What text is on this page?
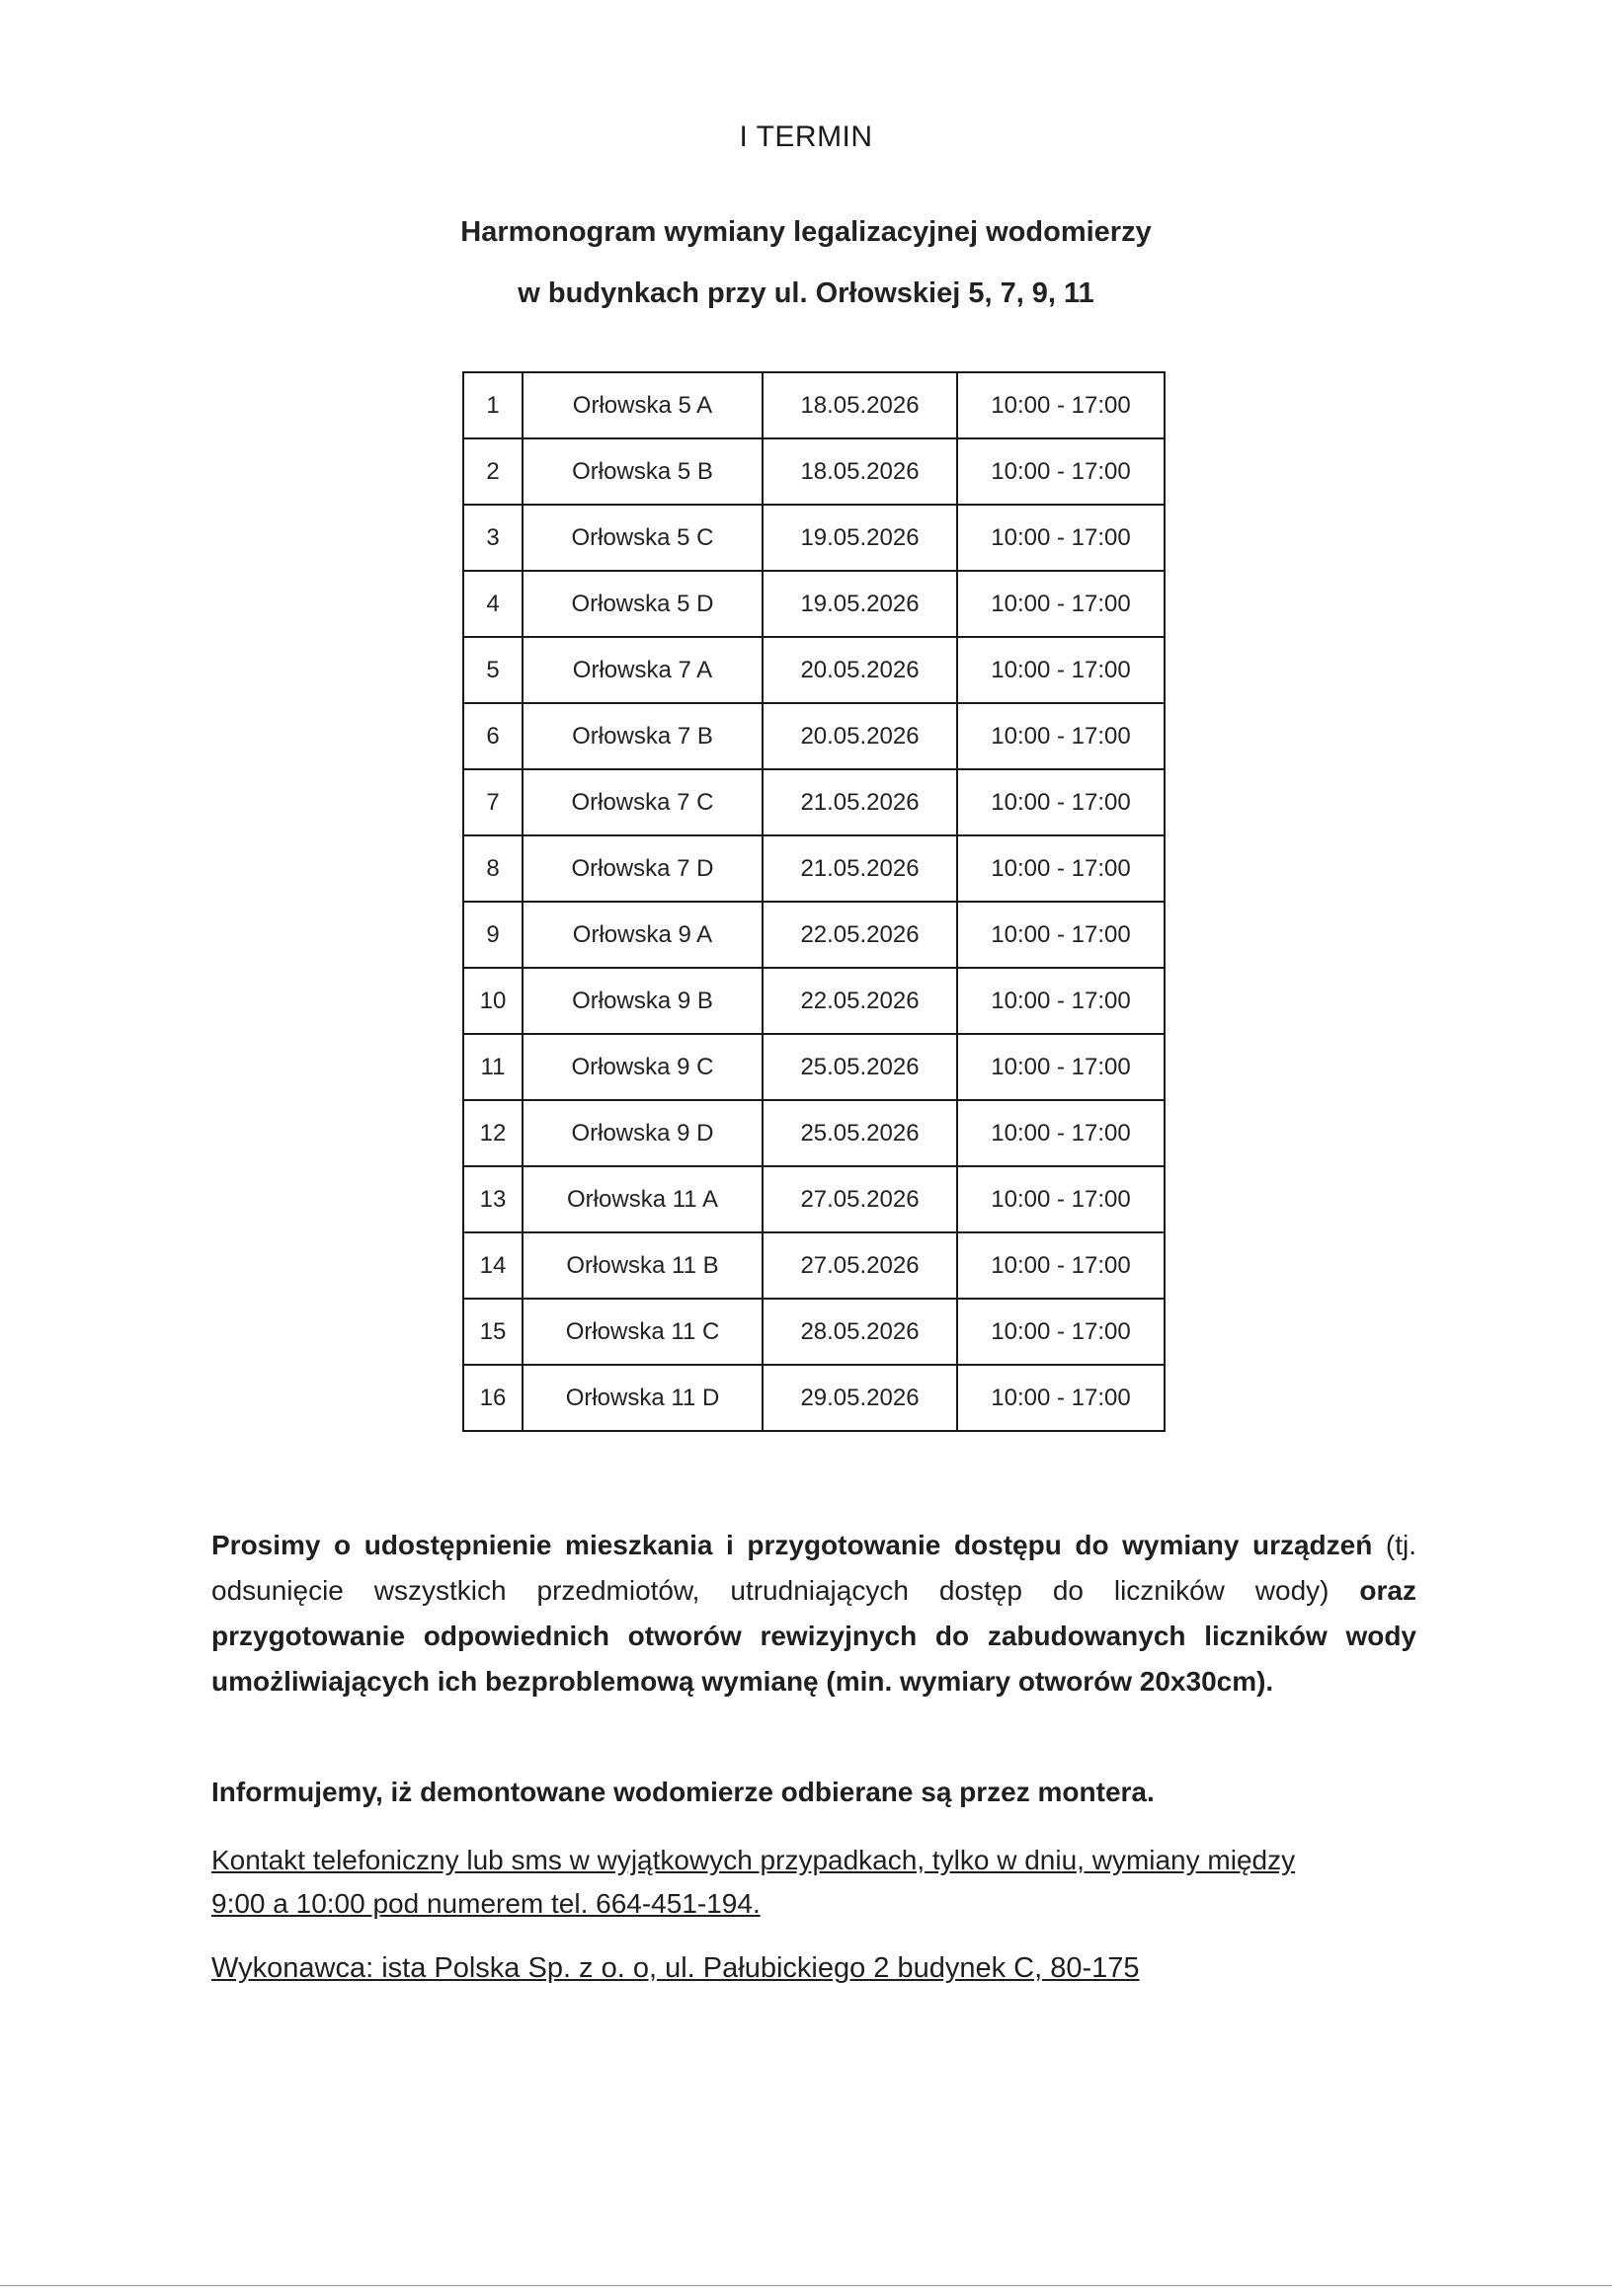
I TERMIN
Harmonogram wymiany legalizacyjnej wodomierzy
w budynkach przy ul. Orłowskiej 5, 7, 9, 11
1	Orłowska 5 A	18.05.2026	10:00 - 17:00
2	Orłowska 5 B	18.05.2026	10:00 - 17:00
3	Orłowska 5 C	19.05.2026	10:00 - 17:00
4	Orłowska 5 D	19.05.2026	10:00 - 17:00
5	Orłowska 7 A	20.05.2026	10:00 - 17:00
6	Orłowska 7 B	20.05.2026	10:00 - 17:00
7	Orłowska 7 C	21.05.2026	10:00 - 17:00
8	Orłowska 7 D	21.05.2026	10:00 - 17:00
9	Orłowska 9 A	22.05.2026	10:00 - 17:00
10	Orłowska 9 B	22.05.2026	10:00 - 17:00
11	Orłowska 9 C	25.05.2026	10:00 - 17:00
12	Orłowska 9 D	25.05.2026	10:00 - 17:00
13	Orłowska 11 A	27.05.2026	10:00 - 17:00
14	Orłowska 11 B	27.05.2026	10:00 - 17:00
15	Orłowska 11 C	28.05.2026	10:00 - 17:00
16	Orłowska 11 D	29.05.2026	10:00 - 17:00
Prosimy o udostępnienie mieszkania i przygotowanie dostępu do wymiany urządzeń (tj. odsunięcie wszystkich przedmiotów, utrudniających dostęp do liczników wody) oraz przygotowanie odpowiednich otworów rewizyjnych do zabudowanych liczników wody umożliwiających ich bezproblemową wymianę (min. wymiary otworów 20x30cm).
Informujemy, iż demontowane wodomierze odbierane są przez montera.
Kontakt telefoniczny lub sms w wyjątkowych przypadkach, tylko w dniu, wymiany między 9:00 a 10:00 pod numerem tel. 664-451-194.
Wykonawca: ista Polska Sp. z o. o, ul. Pałubickiego 2 budynek C, 80-175
